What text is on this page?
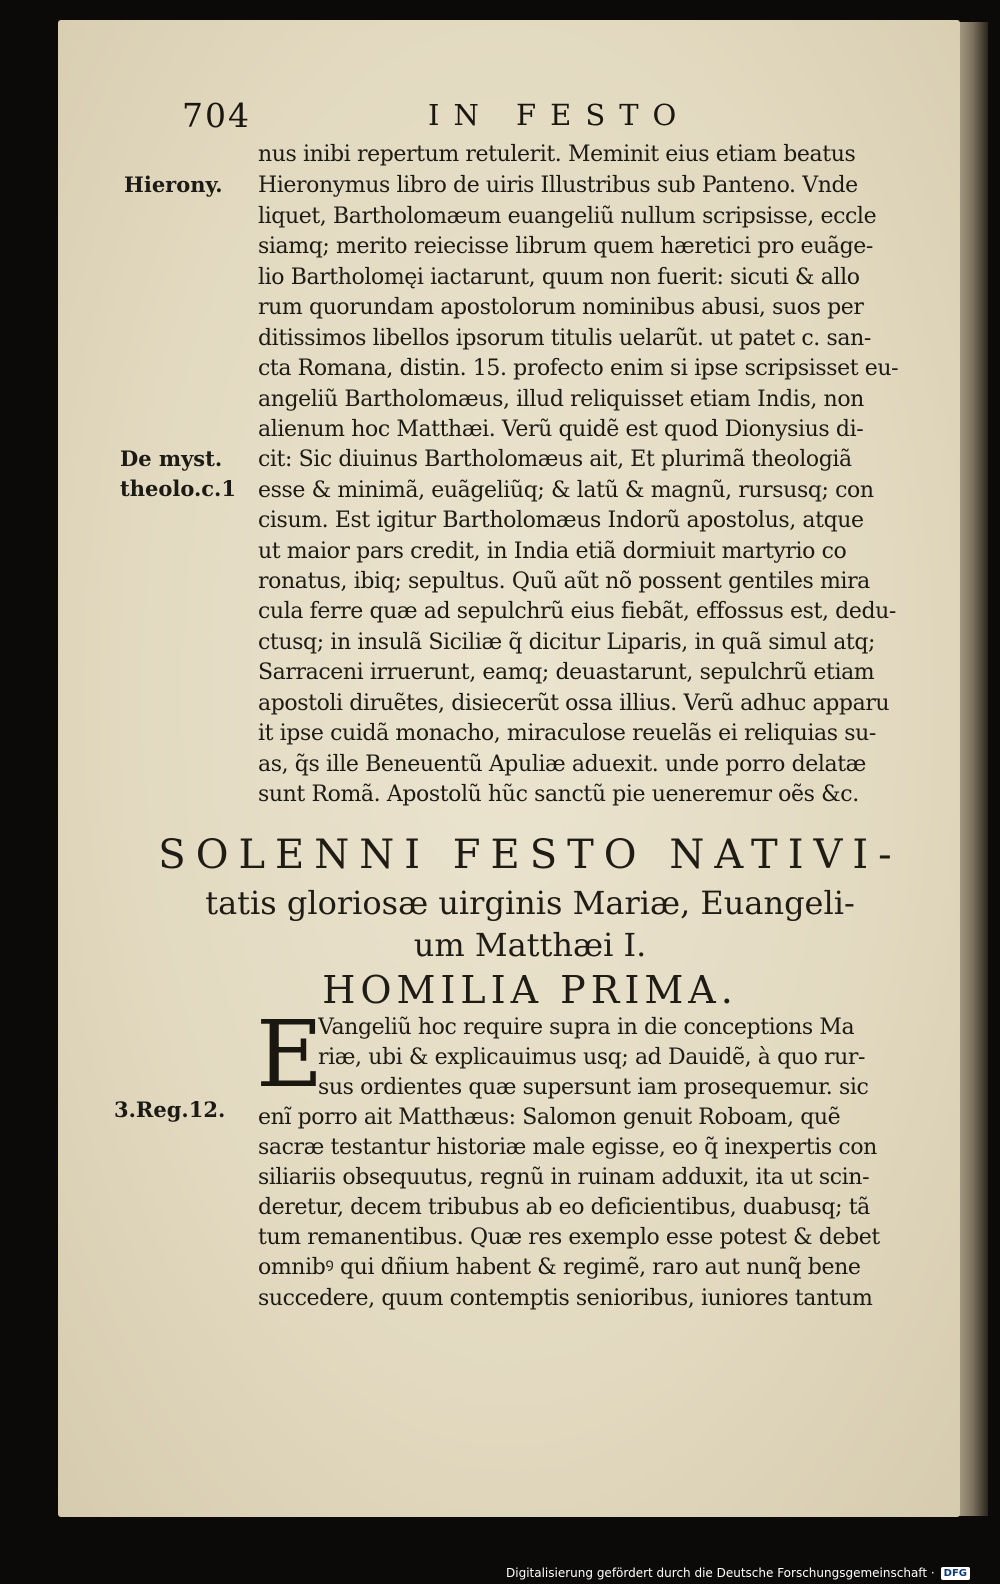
704	IN FESTO
Hierony.
De myst.
theolo.c.1
3.Reg.12.
nus inibi repertum retulerit. Meminit eius etiam beatus
Hieronymus libro de uiris Illustribus sub Panteno. Vnde
liquet, Bartholomæum euangeliũ nullum scripsisse, eccle
siamq; merito reiecisse librum quem hæretici pro euãge-
lio Bartholomęi iactarunt, quum non fuerit: sicuti & allo
rum quorundam apostolorum nominibus abusi, suos per
ditissimos libellos ipsorum titulis uelarũt. ut patet c. san-
cta Romana, distin. 15. profecto enim si ipse scripsisset eu-
angeliũ Bartholomæus, illud reliquisset etiam Indis, non
alienum hoc Matthæi. Verũ quidẽ est quod Dionysius di-
cit: Sic diuinus Bartholomæus ait, Et plurimã theologiã
esse & minimã, euãgeliũq; & latũ & magnũ, rursusq; con
cisum. Est igitur Bartholomæus Indorũ apostolus, atque
ut maior pars credit, in India etiã dormiuit martyrio co
ronatus, ibiq; sepultus. Quũ aũt nõ possent gentiles mira
cula ferre quæ ad sepulchrũ eius fiebãt, effossus est, dedu-
ctusq; in insulã Siciliæ q̃ dicitur Liparis, in quã simul atq;
Sarraceni irruerunt, eamq; deuastarunt, sepulchrũ etiam
apostoli diruẽtes, disiecerũt ossa illius. Verũ adhuc apparu
it ipse cuidã monacho, miraculose reuelãs ei reliquias su-
as, q̃s ille Beneuentũ Apuliæ aduexit. unde porro delatæ
sunt Romã. Apostolũ hũc sanctũ pie ueneremur oẽs &c.
SOLENNI FESTO NATIVI-
tatis gloriosæ uirginis Mariæ, Euangeli-
um Matthæi I.
HOMILIA PRIMA.
E
Vangeliũ hoc require supra in die conceptions Ma
riæ, ubi & explicauimus usq; ad Dauidẽ, à quo rur-
sus ordientes quæ supersunt iam prosequemur. sic
enĩ porro ait Matthæus: Salomon genuit Roboam, quẽ
sacræ testantur historiæ male egisse, eo q̃ inexpertis con
siliariis obsequutus, regnũ in ruinam adduxit, ita ut scin-
deretur, decem tribubus ab eo deficientibus, duabusq; tã
tum remanentibus. Quæ res exemplo esse potest & debet
omnibꝰ qui dñium habent & regimẽ, raro aut nunq̃ bene
succedere, quum contemptis senioribus, iuniores tantum
Digitalisierung gefördert durch die Deutsche Forschungsgemeinschaft · DFG
